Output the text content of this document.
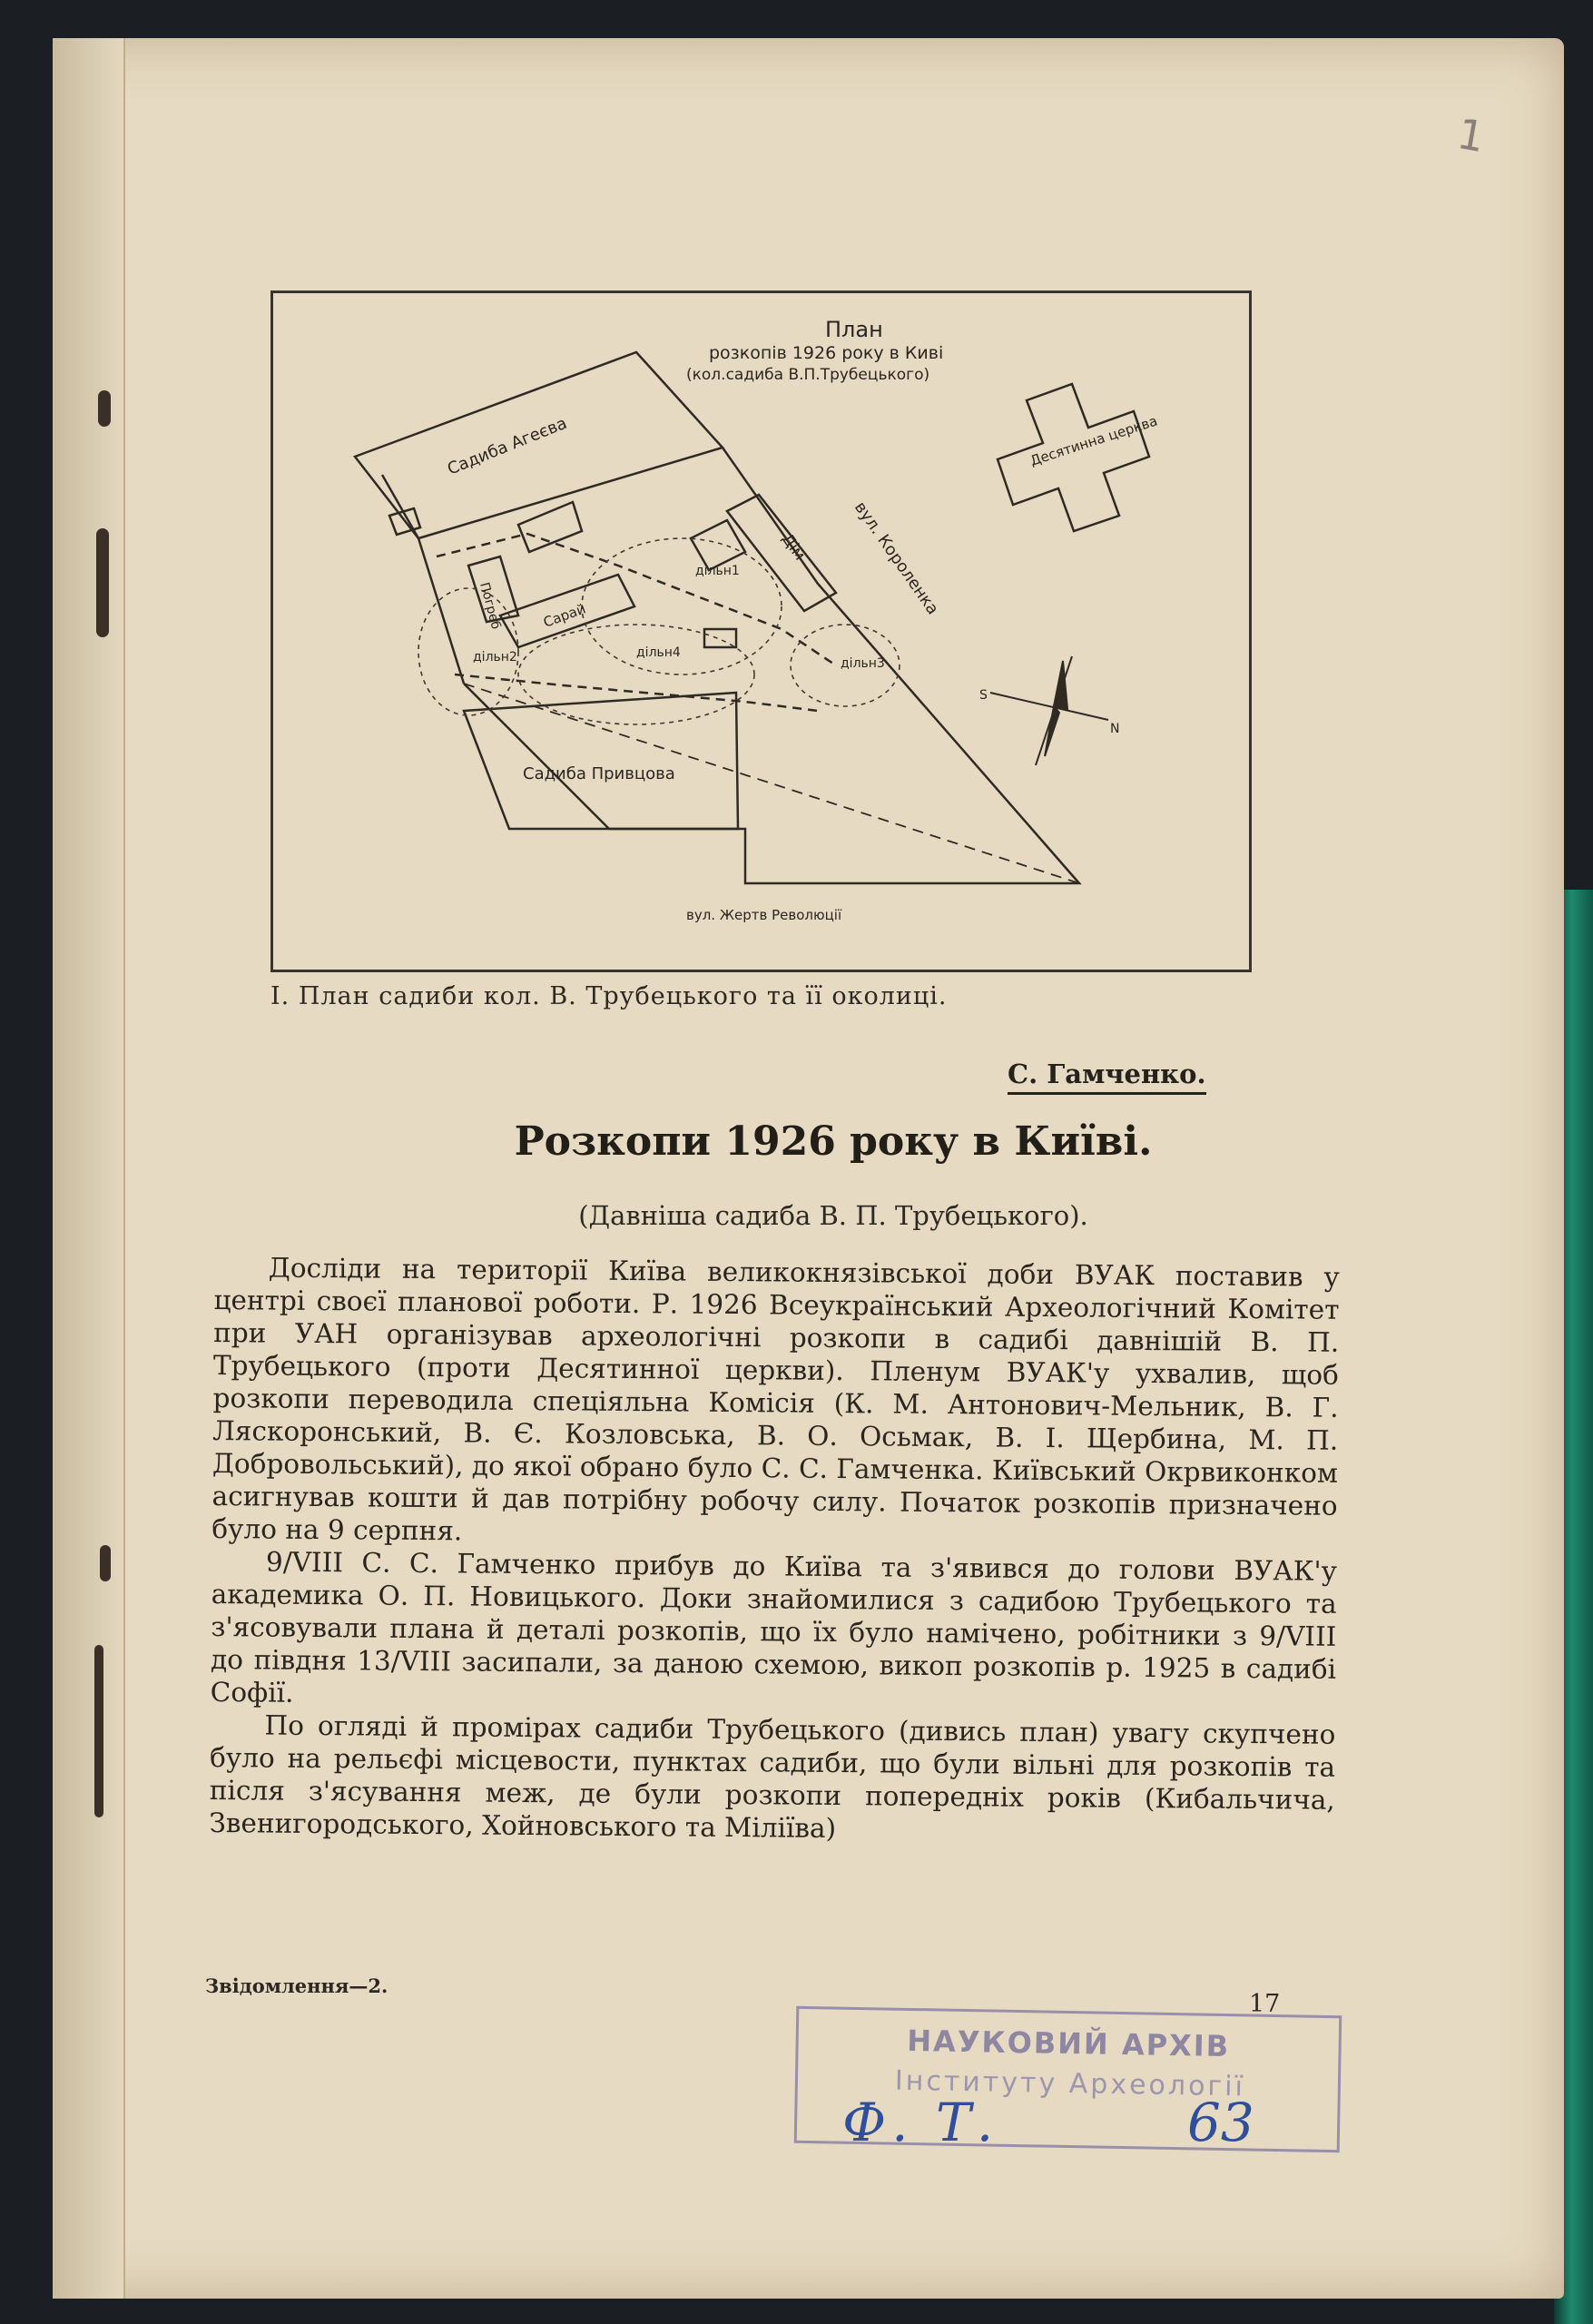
1
План
розкопів 1926 року в Киві
(кол.садиба В.П.Трубецького)
Садиба Агеєва	Десятинна церква
вул. Короленка
Дім
дільн1
дільн2	дільн3
дільн4
Погреб	Сарай
Садиба Привцова
вул. Жертв Революції
S
N
І. План садиби кол. В. Трубецького та її околиці.
С. Гамченко.
Розкопи 1926 року в Київі.
(Давніша садиба В. П. Трубецького).

Досліди на території Київа великокнязівської доби ВУАК поставив у центрі своєї планової роботи. Р. 1926 Всеукраїнський Археологічний Комітет при УАН організував археологічні розкопи в садибі давнішій В. П. Трубецького (проти Десятинної церкви). Пленум ВУАК'у ухвалив, щоб розкопи переводила спеціяльна Комісія (К. М. Антонович-Мельник, В. Г. Ляскоронський, В. Є. Козловська, В. О. Осьмак, В. І. Щербина, М. П. Добровольський), до якої обрано було С. С. Гамченка. Київський Окрвиконком асигнував кошти й дав потрібну робочу силу. Початок розкопів призначено було на 9 серпня.

9/VIII С. С. Гамченко прибув до Київа та з'явився до голови ВУАК'у академика О. П. Новицького. Доки знайомилися з садибою Трубецького та з'ясовували плана й деталі розкопів, що їх було намічено, робітники з 9/VIII до півдня 13/VIII засипали, за даною схемою, викоп розкопів р. 1925 в садибі Софії.

По огляді й промірах садиби Трубецького (дивись план) увагу скупчено було на рельєфі місцевости, пунктах садиби, що були вільні для розкопів та після з'ясування меж, де були розкопи попередніх років (Кибальчича, Звенигородського, Хойновського та Міліїва)

Звідомлення—2.
17
НАУКОВИЙ АРХІВ
Інституту Археології
Ф. Т.	63
